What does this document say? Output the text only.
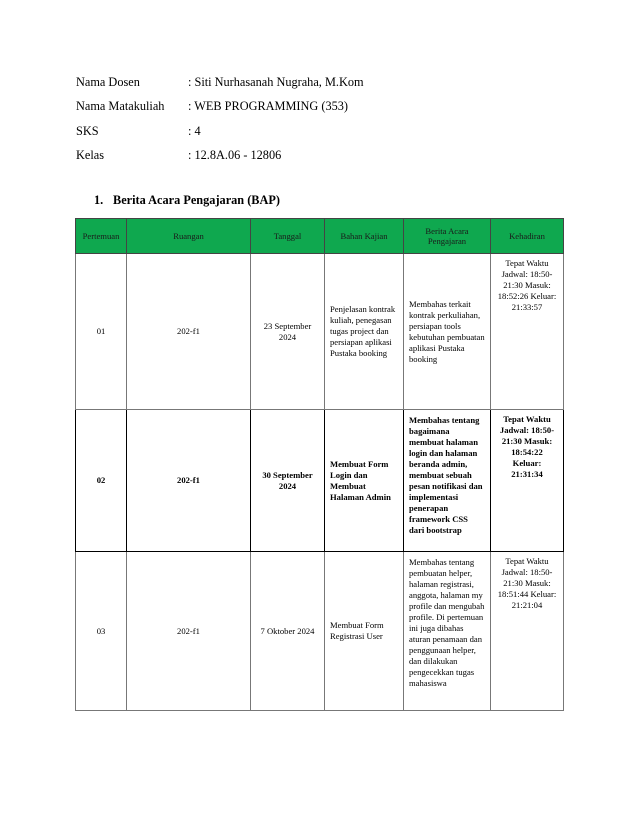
Nama Dosen	: Siti Nurhasanah Nugraha, M.Kom
Nama Matakuliah	: WEB PROGRAMMING (353)
SKS	: 4
Kelas	: 12.8A.06 - 12806
1. Berita Acara Pengajaran (BAP)
Pertemuan	Ruangan	Tanggal	Bahan Kajian	Berita Acara Pengajaran	Kehadiran
01	202-f1	23 September 2024	Penjelasan kontrak kuliah, penegasan tugas project dan persiapan aplikasi Pustaka booking	Membahas terkait kontrak perkuliahan, persiapan tools kebutuhan pembuatan aplikasi Pustaka booking	Tepat Waktu Jadwal: 18:50-21:30 Masuk: 18:52:26 Keluar: 21:33:57
02	202-f1	30 September 2024	Membuat Form Login dan Membuat Halaman Admin	Membahas tentang bagaimana membuat halaman login dan halaman beranda admin, membuat sebuah pesan notifikasi dan implementasi penerapan framework CSS dari bootstrap	Tepat Waktu Jadwal: 18:50-21:30 Masuk: 18:54:22 Keluar: 21:31:34
03	202-f1	7 Oktober 2024	Membuat Form Registrasi User	Membahas tentang pembuatan helper, halaman registrasi, anggota, halaman my profile dan mengubah profile. Di pertemuan ini juga dibahas aturan penamaan dan penggunaan helper, dan dilakukan pengecekkan tugas mahasiswa	Tepat Waktu Jadwal: 18:50-21:30 Masuk: 18:51:44 Keluar: 21:21:04
